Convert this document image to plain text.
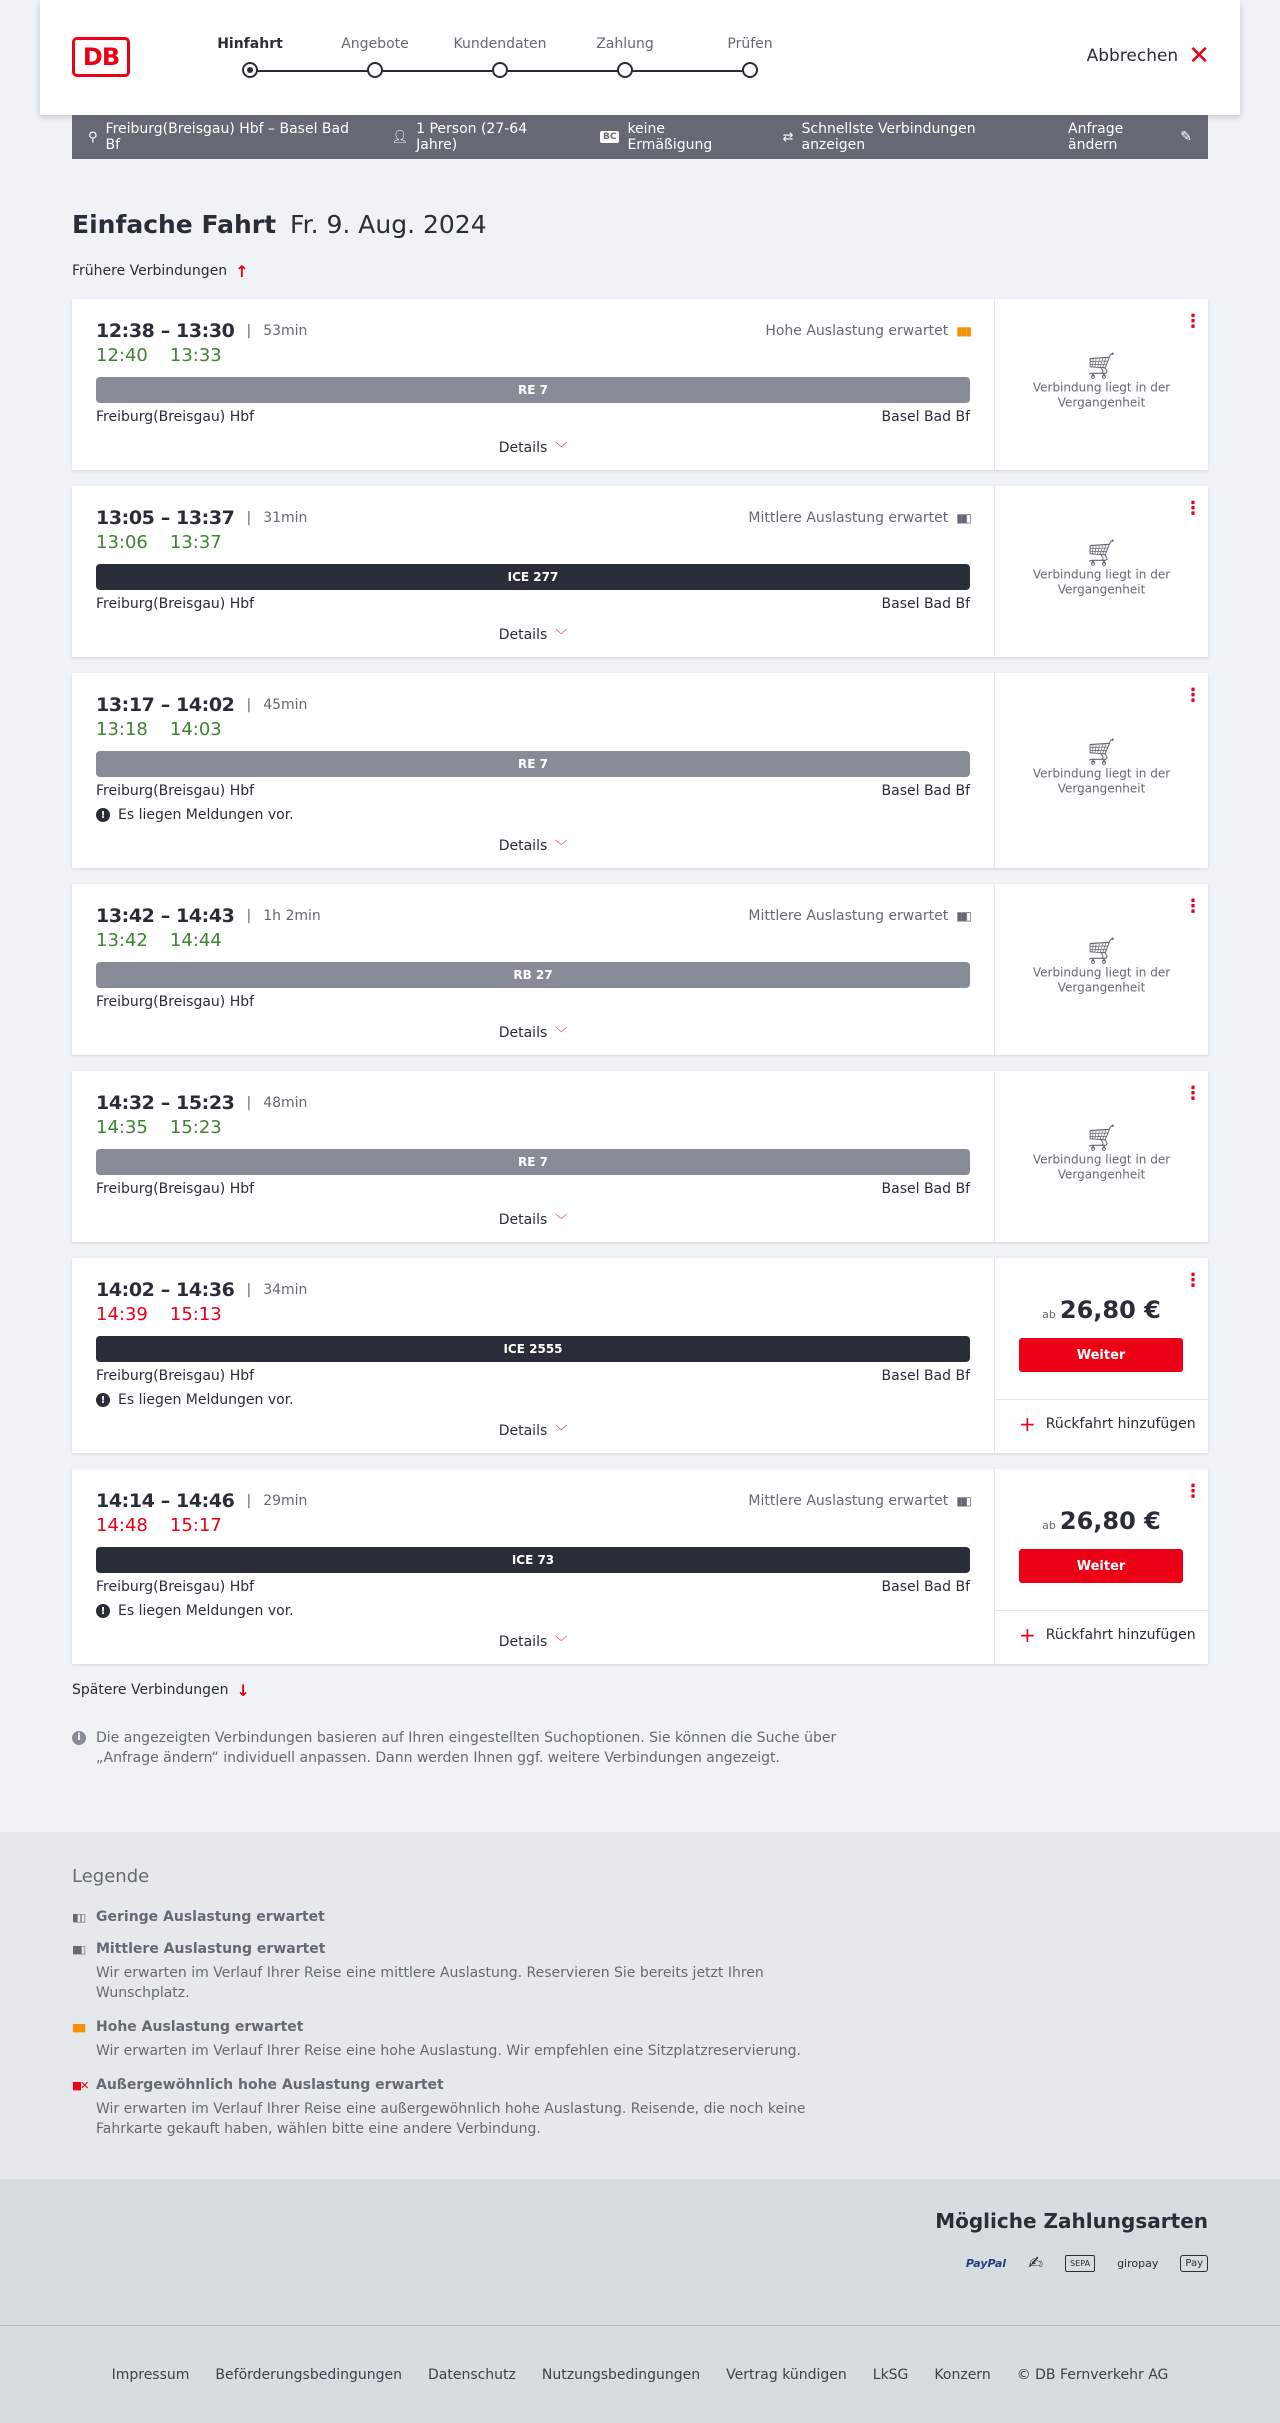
DB	Hinfahrt	Angebote	Kundendaten	Zahlung	Prüfen
Abbrechen ✕
⚲ Freiburg(Breisgau) Hbf – Basel Bad Bf	👤︎ 1 Person (27-64 Jahre)	BC keine Ermäßigung	⇄ Schnellste Verbindungen anzeigen
Anfrage ändern	✎
Einfache Fahrt Fr. 9. Aug. 2024
Frühere Verbindungen ↑
12:38 – 13:30 | 53min	Hohe Auslastung erwartet ▮▮▮
12:40 13:33
RE 7
Freiburg(Breisgau) Hbf	Basel Bad Bf
Details ﹀
⋮
🛒︎
Verbindung liegt in der Vergangenheit
13:05 – 13:37 | 31min	Mittlere Auslastung erwartet ▮▮▯
13:06 13:37
ICE 277
Freiburg(Breisgau) Hbf	Basel Bad Bf
Details ﹀
⋮
🛒︎
Verbindung liegt in der Vergangenheit
13:17 – 14:02 | 45min
13:18 14:03
RE 7
Freiburg(Breisgau) Hbf	Basel Bad Bf
! Es liegen Meldungen vor.
Details ﹀
⋮
🛒︎
Verbindung liegt in der Vergangenheit
13:42 – 14:43 | 1h 2min	Mittlere Auslastung erwartet ▮▮▯
13:42 14:44
RB 27
Freiburg(Breisgau) Hbf
Details ﹀
⋮
🛒︎
Verbindung liegt in der Vergangenheit
14:32 – 15:23 | 48min
14:35 15:23
RE 7
Freiburg(Breisgau) Hbf	Basel Bad Bf
Details ﹀
⋮
🛒︎
Verbindung liegt in der Vergangenheit
14:02 – 14:36 | 34min
14:39 15:13
ICE 2555
Freiburg(Breisgau) Hbf	Basel Bad Bf
! Es liegen Meldungen vor.
Details ﹀
⋮
ab 26,80 €
Weiter
+ Rückfahrt hinzufügen
14:14 – 14:46 | 29min	Mittlere Auslastung erwartet ▮▮▯
14:48 15:17
ICE 73
Freiburg(Breisgau) Hbf	Basel Bad Bf
! Es liegen Meldungen vor.
Details ﹀
⋮
ab 26,80 €
Weiter
+ Rückfahrt hinzufügen
Spätere Verbindungen ↓
i	Die angezeigten Verbindungen basieren auf Ihren eingestellten Suchoptionen. Sie können die Suche über „Anfrage ändern“ individuell anpassen. Dann werden Ihnen ggf. weitere Verbindungen angezeigt.
Legende
▮▯▯ Geringe Auslastung erwartet
▮▮▯ Mittlere Auslastung erwartet
Wir erwarten im Verlauf Ihrer Reise eine mittlere Auslastung. Reservieren Sie bereits jetzt Ihren Wunschplatz.
▮▮▮ Hohe Auslastung erwartet
Wir erwarten im Verlauf Ihrer Reise eine hohe Auslastung. Wir empfehlen eine Sitzplatzreservierung.
▮▮✕ Außergewöhnlich hohe Auslastung erwartet
Wir erwarten im Verlauf Ihrer Reise eine außergewöhnlich hohe Auslastung. Reisende, die noch keine Fahrkarte gekauft haben, wählen bitte eine andere Verbindung.
Mögliche Zahlungsarten
PayPal ✍	SEPA	giropay	Pay
Impressum Beförderungsbedingungen Datenschutz Nutzungsbedingungen Vertrag kündigen LkSG Konzern © DB Fernverkehr AG
